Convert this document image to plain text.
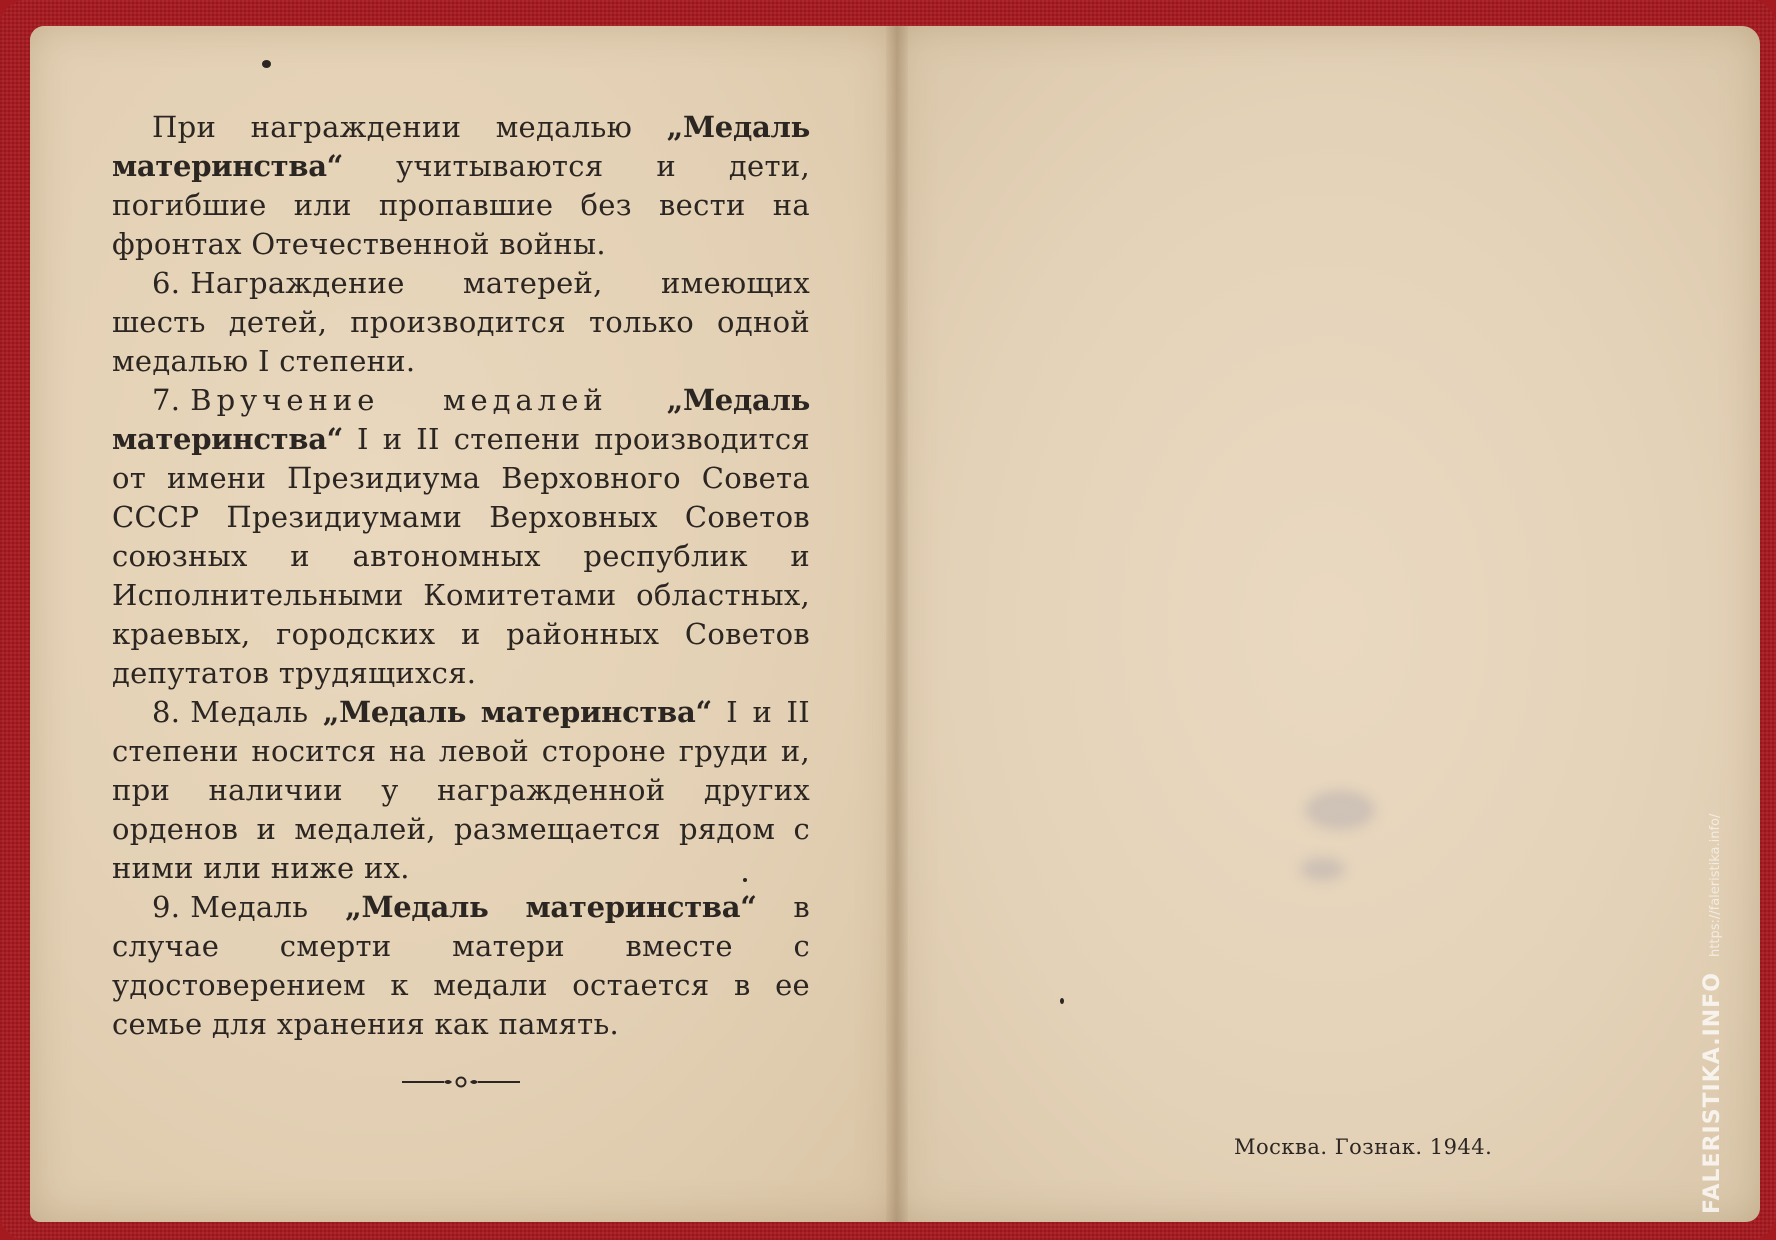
При награждении медалью „Медаль материнства“ учитываются и дети, погибшие или пропавшие без вести на фронтах Отечественной войны.

6. Награждение матерей, имеющих шесть детей, производится только одной медалью I степени.

7. Вручение медалей „Медаль материнства“ I и II степени производится от имени Президиума Верховного Совета СССР Президиумами Верховных Советов союзных и автономных республик и Исполнительными Комитетами областных, краевых, городских и районных Советов депутатов трудящихся.

8. Медаль „Медаль материнства“ I и II степени носится на левой стороне груди и, при наличии у награжденной других орденов и медалей, размещается рядом с ними или ниже их.

9. Медаль „Медаль материнства“ в случае смерти матери вместе с удостоверением к медали остается в ее семье для хранения как память.

Москва. Гознак. 1944.	FALERISTIKA.INFO https://faleristika.info/
